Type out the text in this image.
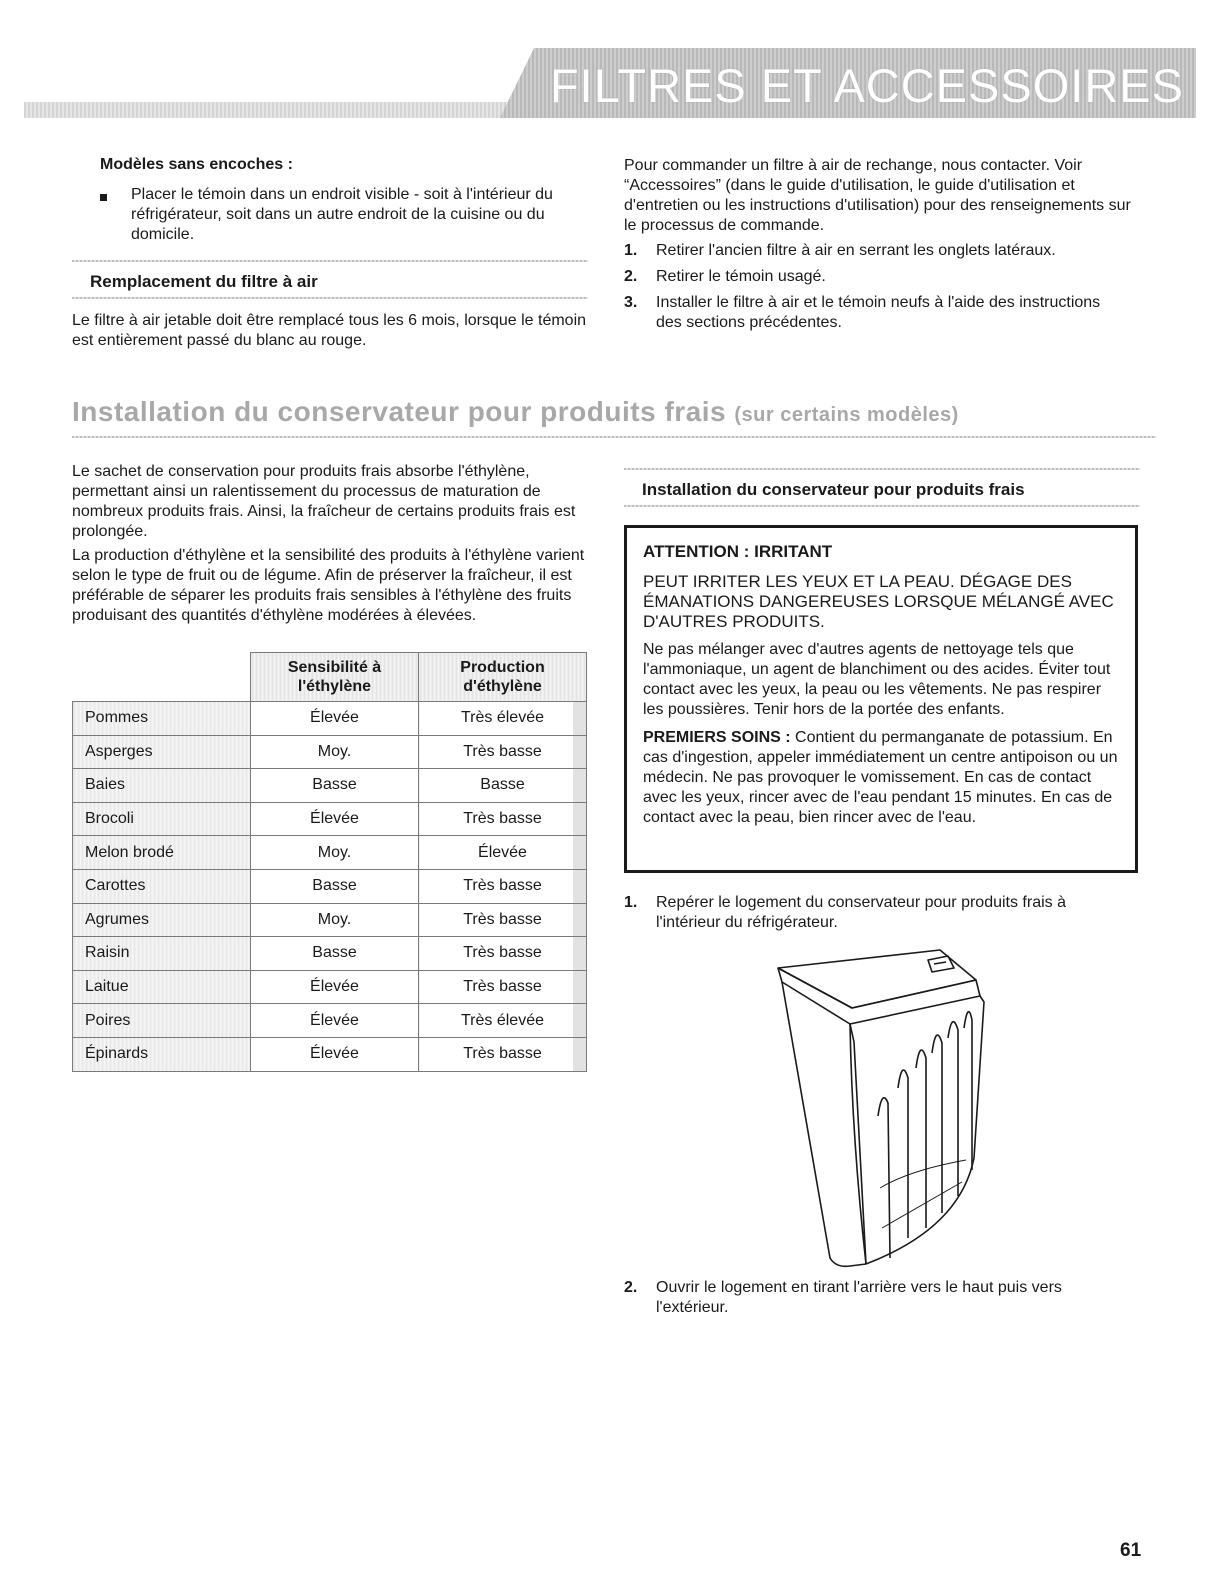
FILTRES ET ACCESSOIRES
Modèles sans encoches :

Placer le témoin dans un endroit visible - soit à l'intérieur du réfrigérateur, soit dans un autre endroit de la cuisine ou du domicile.

Remplacement du filtre à air

Le filtre à air jetable doit être remplacé tous les 6 mois, lorsque le témoin est entièrement passé du blanc au rouge.

Pour commander un filtre à air de rechange, nous contacter. Voir “Accessoires” (dans le guide d'utilisation, le guide d'utilisation et d'entretien ou les instructions d'utilisation) pour des renseignements sur le processus de commande.

1. Retirer l'ancien filtre à air en serrant les onglets latéraux.
2. Retirer le témoin usagé.
3. Installer le filtre à air et le témoin neufs à l'aide des instructions des sections précédentes.
Installation du conservateur pour produits frais (sur certains modèles)

Le sachet de conservation pour produits frais absorbe l'éthylène, permettant ainsi un ralentissement du processus de maturation de nombreux produits frais. Ainsi, la fraîcheur de certains produits frais est prolongée.

La production d'éthylène et la sensibilité des produits à l'éthylène varient selon le type de fruit ou de légume. Afin de préserver la fraîcheur, il est préférable de séparer les produits frais sensibles à l'éthylène des fruits produisant des quantités d'éthylène modérées à élevées.

	Sensibilité à l'éthylène	Production d'éthylène
Pommes	Élevée	Très élevée
Asperges	Moy.	Très basse
Baies	Basse	Basse
Brocoli	Élevée	Très basse
Melon brodé	Moy.	Élevée
Carottes	Basse	Très basse
Agrumes	Moy.	Très basse
Raisin	Basse	Très basse
Laitue	Élevée	Très basse
Poires	Élevée	Très élevée
Épinards	Élevée	Très basse
Installation du conservateur pour produits frais
ATTENTION : IRRITANT

PEUT IRRITER LES YEUX ET LA PEAU. DÉGAGE DES ÉMANATIONS DANGEREUSES LORSQUE MÉLANGÉ AVEC D'AUTRES PRODUITS.

Ne pas mélanger avec d'autres agents de nettoyage tels que l'ammoniaque, un agent de blanchiment ou des acides. Éviter tout contact avec les yeux, la peau ou les vêtements. Ne pas respirer les poussières. Tenir hors de la portée des enfants.

PREMIERS SOINS : Contient du permanganate de potassium. En cas d'ingestion, appeler immédiatement un centre antipoison ou un médecin. Ne pas provoquer le vomissement. En cas de contact avec les yeux, rincer avec de l'eau pendant 15 minutes. En cas de contact avec la peau, bien rincer avec de l'eau.

1. Repérer le logement du conservateur pour produits frais à l'intérieur du réfrigérateur.
2. Ouvrir le logement en tirant l'arrière vers le haut puis vers l'extérieur.
61
